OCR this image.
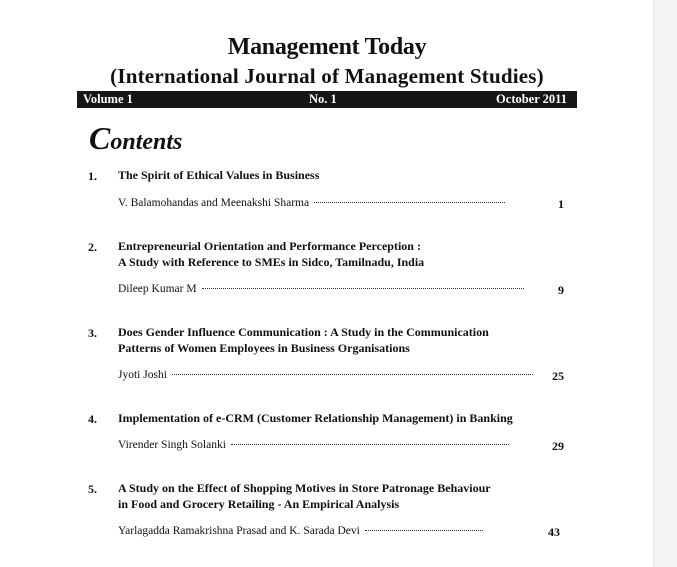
Management Today
(International Journal of Management Studies)
Volume 1	No. 1	October 2011
Contents
1. The Spirit of Ethical Values in Business
V. Balamohandas and Meenakshi Sharma	1
2. Entrepreneurial Orientation and Performance Perception :
A Study with Reference to SMEs in Sidco, Tamilnadu, India
Dileep Kumar M	9
3. Does Gender Influence Communication : A Study in the Communication
Patterns of Women Employees in Business Organisations
Jyoti Joshi	25
4. Implementation of e-CRM (Customer Relationship Management) in Banking
Virender Singh Solanki	29
5. A Study on the Effect of Shopping Motives in Store Patronage Behaviour
in Food and Grocery Retailing - An Empirical Analysis
Yarlagadda Ramakrishna Prasad and K. Sarada Devi	43
